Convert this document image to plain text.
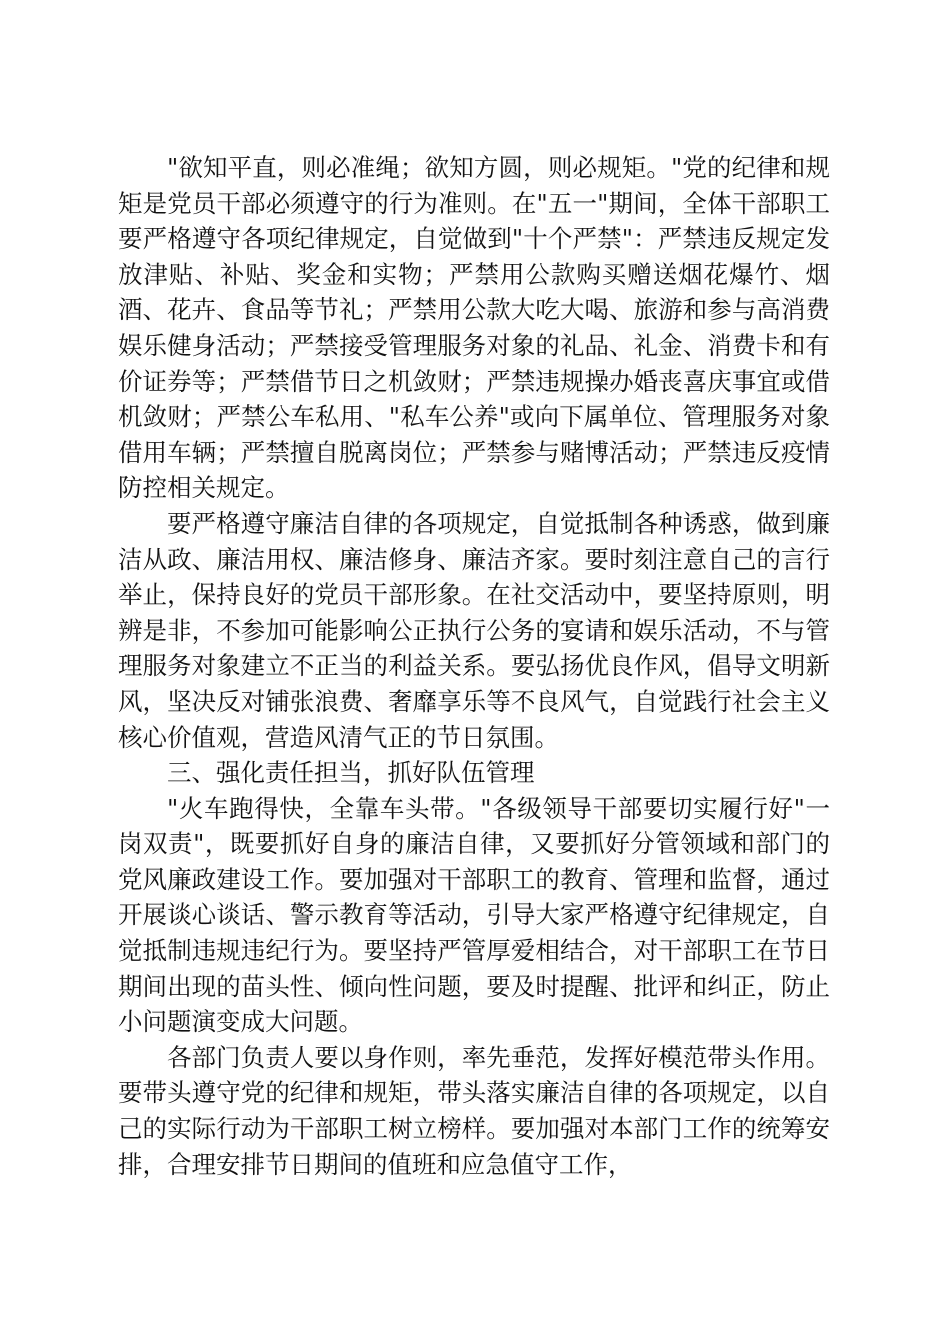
"欲知平直，则必准绳；欲知方圆，则必规矩。"党的纪律和规矩是党员干部必须遵守的行为准则。在"五一"期间，全体干部职工要严格遵守各项纪律规定，自觉做到"十个严禁"：严禁违反规定发放津贴、补贴、奖金和实物；严禁用公款购买赠送烟花爆竹、烟酒、花卉、食品等节礼；严禁用公款大吃大喝、旅游和参与高消费娱乐健身活动；严禁接受管理服务对象的礼品、礼金、消费卡和有价证券等；严禁借节日之机敛财；严禁违规操办婚丧喜庆事宜或借机敛财；严禁公车私用、"私车公养"或向下属单位、管理服务对象借用车辆；严禁擅自脱离岗位；严禁参与赌博活动；严禁违反疫情防控相关规定。

要严格遵守廉洁自律的各项规定，自觉抵制各种诱惑，做到廉洁从政、廉洁用权、廉洁修身、廉洁齐家。要时刻注意自己的言行举止，保持良好的党员干部形象。在社交活动中，要坚持原则，明辨是非，不参加可能影响公正执行公务的宴请和娱乐活动，不与管理服务对象建立不正当的利益关系。要弘扬优良作风，倡导文明新风，坚决反对铺张浪费、奢靡享乐等不良风气，自觉践行社会主义核心价值观，营造风清气正的节日氛围。

三、强化责任担当，抓好队伍管理

"火车跑得快，全靠车头带。"各级领导干部要切实履行好"一岗双责"，既要抓好自身的廉洁自律，又要抓好分管领域和部门的党风廉政建设工作。要加强对干部职工的教育、管理和监督，通过开展谈心谈话、警示教育等活动，引导大家严格遵守纪律规定，自觉抵制违规违纪行为。要坚持严管厚爱相结合，对干部职工在节日期间出现的苗头性、倾向性问题，要及时提醒、批评和纠正，防止小问题演变成大问题。

各部门负责人要以身作则，率先垂范，发挥好模范带头作用。要带头遵守党的纪律和规矩，带头落实廉洁自律的各项规定，以自己的实际行动为干部职工树立榜样。要加强对本部门工作的统筹安排，合理安排节日期间的值班和应急值守工作，
